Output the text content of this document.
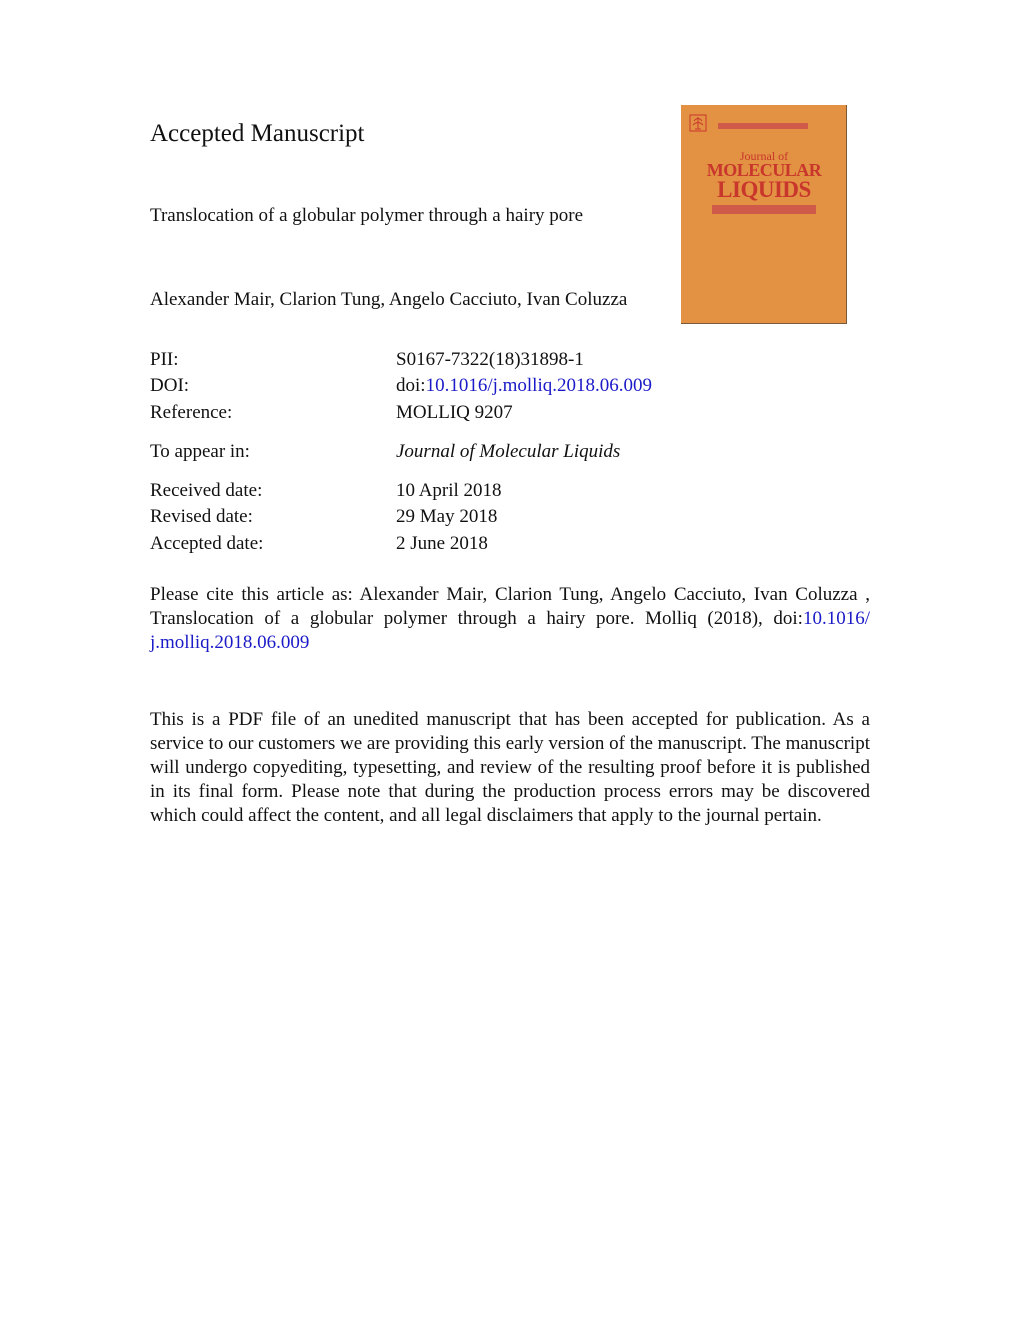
Accepted Manuscript
Translocation of a globular polymer through a hairy pore
Alexander Mair, Clarion Tung, Angelo Cacciuto, Ivan Coluzza
Journal of
MOLECULAR
LIQUIDS
PII:	S0167-7322(18)31898-1
DOI:	doi:10.1016/j.molliq.2018.06.009
Reference:	MOLLIQ 9207
To appear in:	Journal of Molecular Liquids
Received date:	10 April 2018
Revised date:	29 May 2018
Accepted date:	2 June 2018
Please cite this article as: Alexander Mair, Clarion Tung, Angelo Cacciuto, Ivan Coluzza , Translocation of a globular polymer through a hairy pore. Molliq (2018), doi:10.1016/ j.molliq.2018.06.009
This is a PDF file of an unedited manuscript that has been accepted for publication. As a service to our customers we are providing this early version of the manuscript. The manuscript will undergo copyediting, typesetting, and review of the resulting proof before it is published in its final form. Please note that during the production process errors may be discovered which could affect the content, and all legal disclaimers that apply to the journal pertain.
